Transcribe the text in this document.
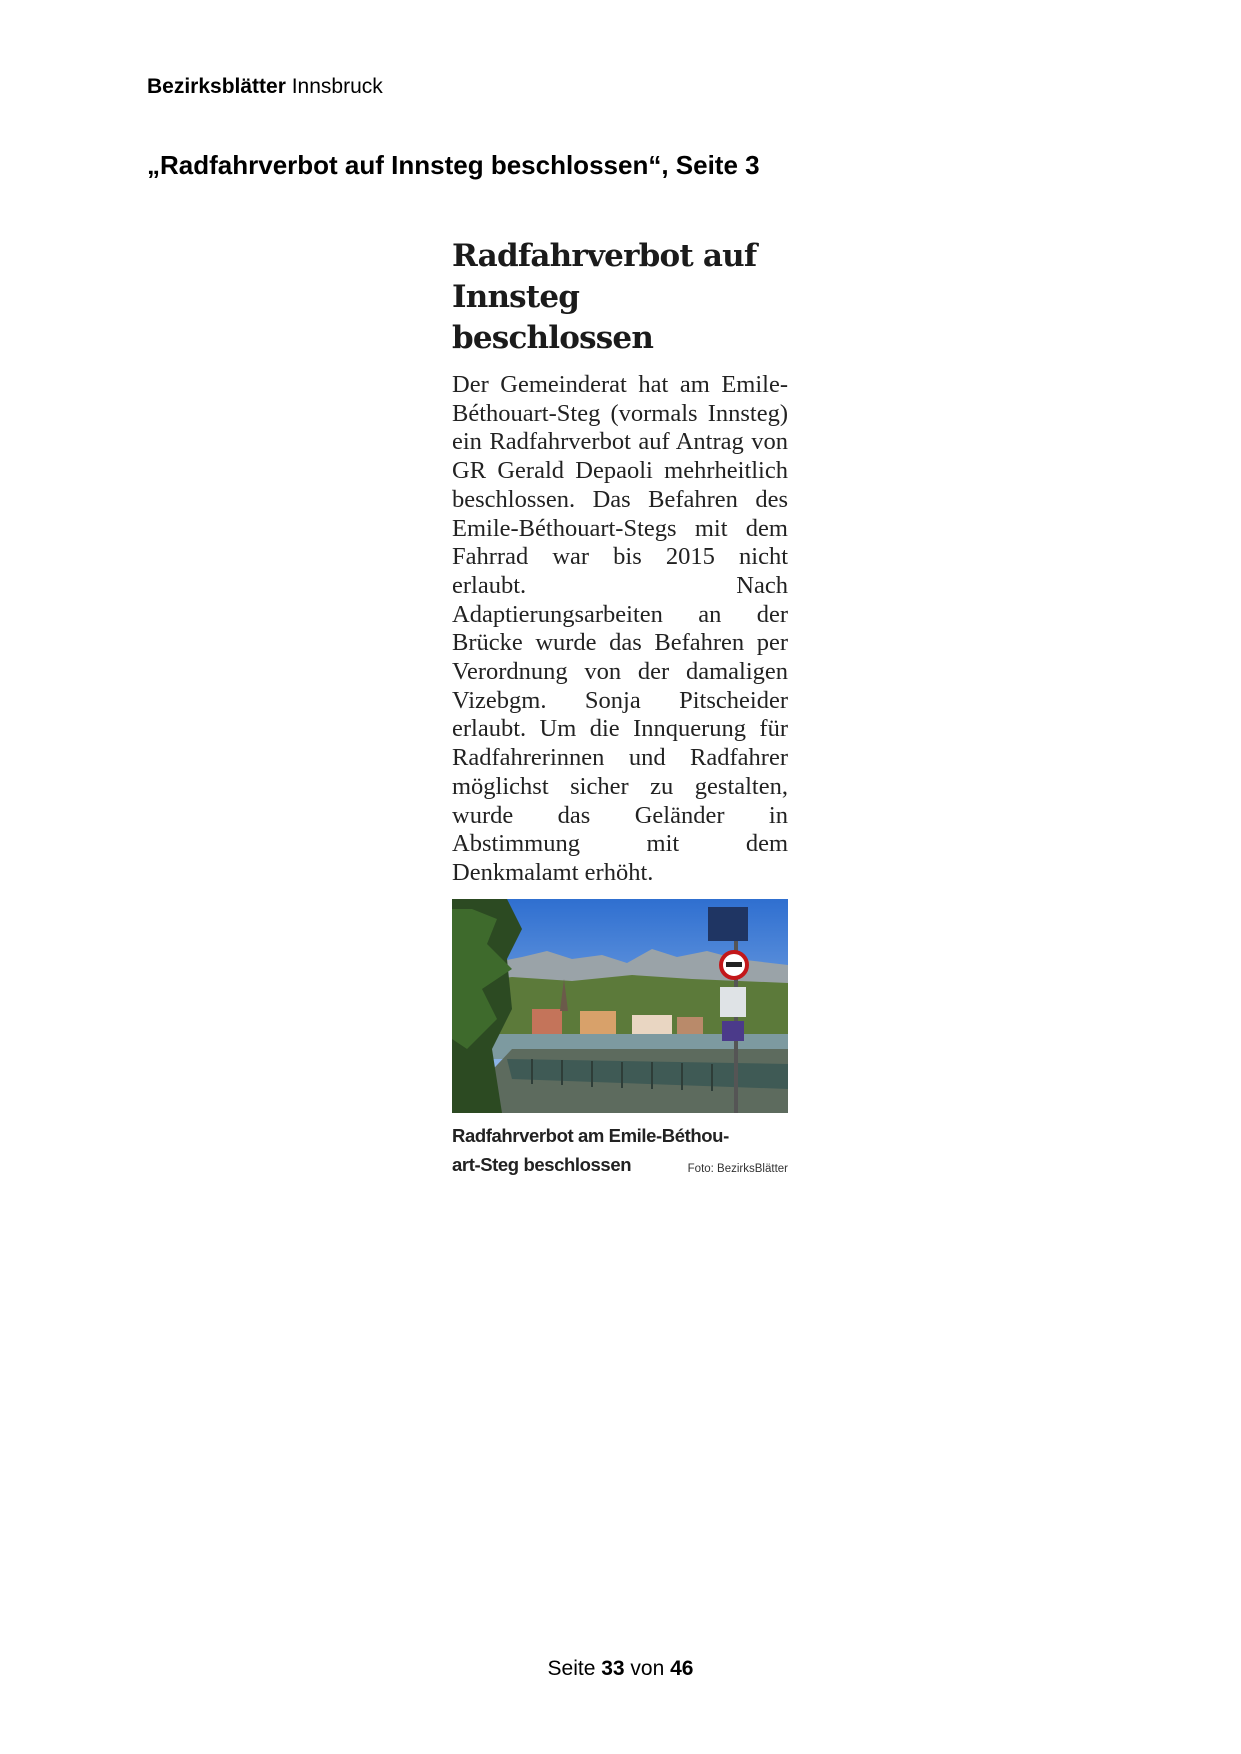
Bezirksblätter Innsbruck
„Radfahrverbot auf Innsteg beschlossen“, Seite 3
Radfahrverbot auf
Innsteg beschlossen
Der Gemeinderat hat am Emile-Béthouart-Steg (vormals Innsteg) ein Radfahrverbot auf Antrag von GR Gerald Depaoli mehrheitlich beschlossen. Das Befahren des Emile-Béthouart-Stegs mit dem Fahrrad war bis 2015 nicht erlaubt. Nach Adaptierungsarbeiten an der Brücke wurde das Befahren per Verordnung von der damaligen Vizebgm. Sonja Pitscheider erlaubt. Um die Innquerung für Radfahrerinnen und Radfahrer möglichst sicher zu gestalten, wurde das Geländer in Abstimmung mit dem Denkmalamt erhöht.
Radfahrverbot am Emile-Béthou-
art-Steg beschlossen	Foto: BezirksBlätter
Seite 33 von 46
